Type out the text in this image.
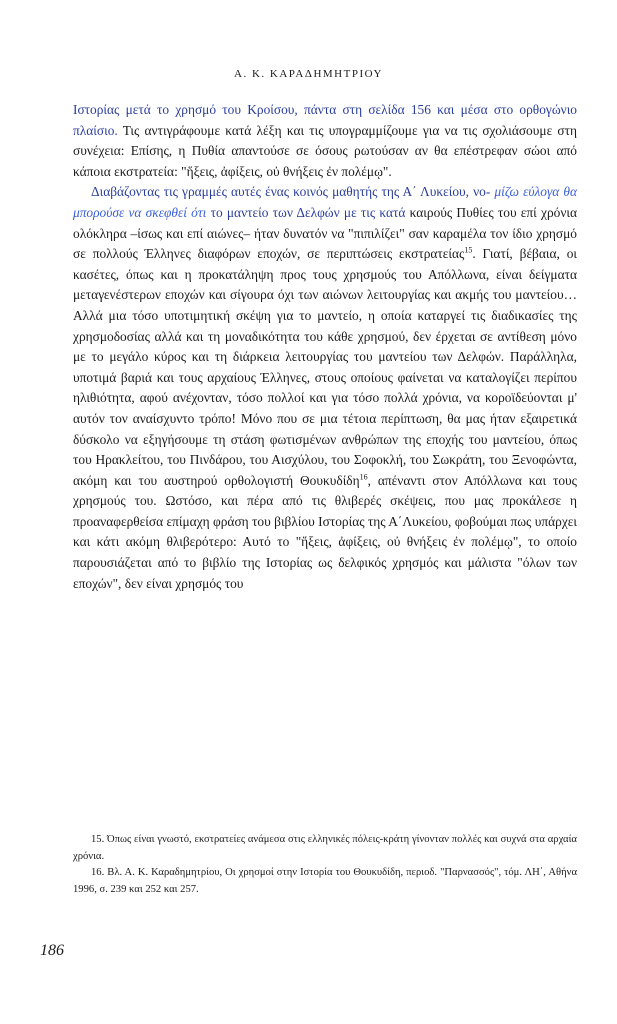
Α. Κ. ΚΑΡΑΔΗΜΗΤΡΙΟΥ

Ιστορίας μετά το χρησμό του Κροίσου, πάντα στη σελίδα 156 και μέσα στο ορθογώνιο πλαίσιο. Τις αντιγράφουμε κατά λέξη και τις υπογραμμίζουμε για να τις σχολιάσουμε στη συνέχεια: Επίσης, η Πυθία απαντούσε σε όσους ρωτούσαν αν θα επέστρεφαν σώοι από κάποια εκστρατεία: "ἥξεις, ἀφίξεις, οὐ θνήξεις ἐν πολέμῳ".

Διαβάζοντας τις γραμμές αυτές ένας κοινός μαθητής της Α΄ Λυκείου, νο- μίζω εύλογα θα μπορούσε να σκεφθεί ότι το μαντείο των Δελφών με τις κατά καιρούς Πυθίες του επί χρόνια ολόκληρα –ίσως και επί αιώνες– ήταν δυνατόν να "πιπιλίζει" σαν καραμέλα τον ίδιο χρησμό σε πολλούς Έλληνες διαφόρων εποχών, σε περιπτώσεις εκστρατείας$^{15}$. Γιατί, βέβαια, οι κασέτες, όπως και η προκατάληψη προς τους χρησμούς του Απόλλωνα, είναι δείγματα μεταγενέστερων εποχών και σίγουρα όχι των αιώνων λειτουργίας και ακμής του μαντείου… Αλλά μια τόσο υποτιμητική σκέψη για το μαντείο, η οποία καταργεί τις διαδικασίες της χρησμοδοσίας αλλά και τη μοναδικότητα του κάθε χρησμού, δεν έρχεται σε αντίθεση μόνο με το μεγάλο κύρος και τη διάρκεια λειτουργίας του μαντείου των Δελφών. Παράλληλα, υποτιμά βαριά και τους αρχαίους Έλληνες, στους οποίους φαίνεται να καταλογίζει περίπου ηλιθιότητα, αφού ανέχονταν, τόσο πολλοί και για τόσο πολλά χρόνια, να κοροϊδεύονται μ' αυτόν τον αναίσχυντο τρόπο! Μόνο που σε μια τέτοια περίπτωση, θα μας ήταν εξαιρετικά δύσκολο να εξηγήσουμε τη στάση φωτισμένων ανθρώπων της εποχής του μαντείου, όπως του Ηρακλείτου, του Πινδάρου, του Αισχύλου, του Σοφοκλή, του Σωκράτη, του Ξενοφώντα, ακόμη και του αυστηρού ορθολογιστή Θουκυδίδη$^{16}$, απέναντι στον Απόλλωνα και τους χρησμούς του. Ωστόσο, και πέρα από τις θλιβερές σκέψεις, που μας προκάλεσε η προαναφερθείσα επίμαχη φράση του βιβλίου Ιστορίας της Α΄Λυκείου, φοβούμαι πως υπάρχει και κάτι ακόμη θλιβερότερο: Αυτό το "ἥξεις, ἀφίξεις, οὐ θνήξεις ἐν πολέμῳ", το οποίο παρουσιάζεται από το βιβλίο της Ιστορίας ως δελφικός χρησμός και μάλιστα "όλων των εποχών", δεν είναι χρησμός του

15. Όπως είναι γνωστό, εκστρατείες ανάμεσα στις ελληνικές πόλεις-κράτη γίνονταν πολλές και συχνά στα αρχαία χρόνια.

16. Βλ. Α. Κ. Καραδημητρίου, Οι χρησμοί στην Ιστορία του Θουκυδίδη, περιοδ. "Παρνασσός", τόμ. ΛΗ΄, Αθήνα 1996, σ. 239 και 252 και 257.

186
